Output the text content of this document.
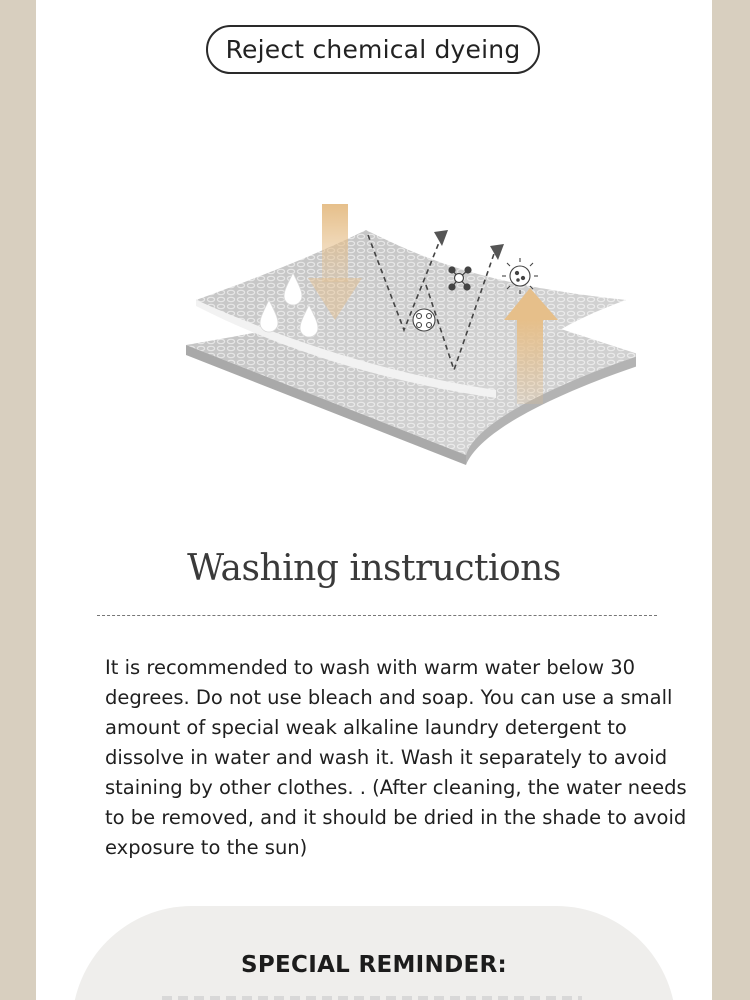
Reject chemical dyeing
Washing instructions
It is recommended to wash with warm water below 30 degrees. Do not use bleach and soap. You can use a small amount of special weak alkaline laundry detergent to dissolve in water and wash it. Wash it separately to avoid staining by other clothes. . (After cleaning, the water needs to be removed, and it should be dried in the shade to avoid exposure to the sun)
SPECIAL REMINDER:
